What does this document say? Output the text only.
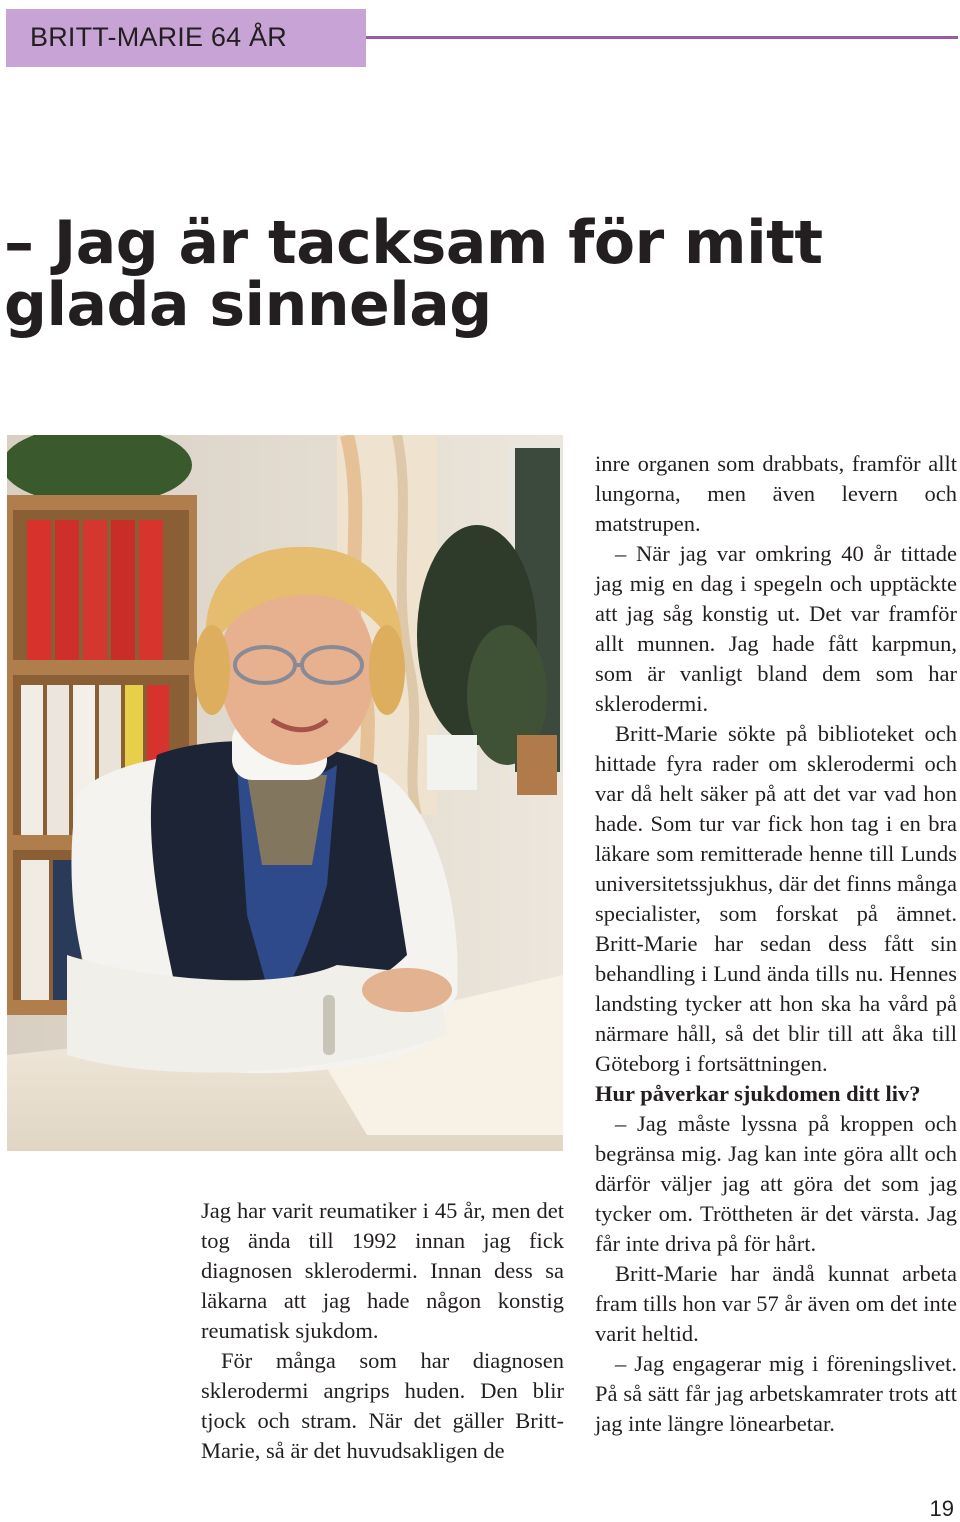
BRITT-MARIE 64 ÅR
– Jag är tacksam för mitt glada sinnelag

Jag har varit reumatiker i 45 år, men det tog ända till 1992 innan jag fick diagnosen sklerodermi. Innan dess sa läkarna att jag hade någon konstig reumatisk sjukdom.

För många som har diagnosen sklerodermi angrips huden. Den blir tjock och stram. När det gäller Britt-Marie, så är det huvudsakligen de

inre organen som drabbats, framför allt lungorna, men även levern och matstrupen.

– När jag var omkring 40 år tittade jag mig en dag i spegeln och upptäckte att jag såg konstig ut. Det var framför allt munnen. Jag hade fått karpmun, som är vanligt bland dem som har sklerodermi.

Britt-Marie sökte på biblioteket och hittade fyra rader om sklerodermi och var då helt säker på att det var vad hon hade. Som tur var fick hon tag i en bra läkare som remitterade henne till Lunds universitetssjukhus, där det finns många specialister, som forskat på ämnet. Britt-Marie har sedan dess fått sin behandling i Lund ända tills nu. Hennes landsting tycker att hon ska ha vård på närmare håll, så det blir till att åka till Göteborg i fortsättningen.

Hur påverkar sjukdomen ditt liv?

– Jag måste lyssna på kroppen och begränsa mig. Jag kan inte göra allt och därför väljer jag att göra det som jag tycker om. Tröttheten är det värsta. Jag får inte driva på för hårt.

Britt-Marie har ändå kunnat arbeta fram tills hon var 57 år även om det inte varit heltid.

– Jag engagerar mig i föreningslivet. På så sätt får jag arbetskamrater trots att jag inte längre lönearbetar.

19
